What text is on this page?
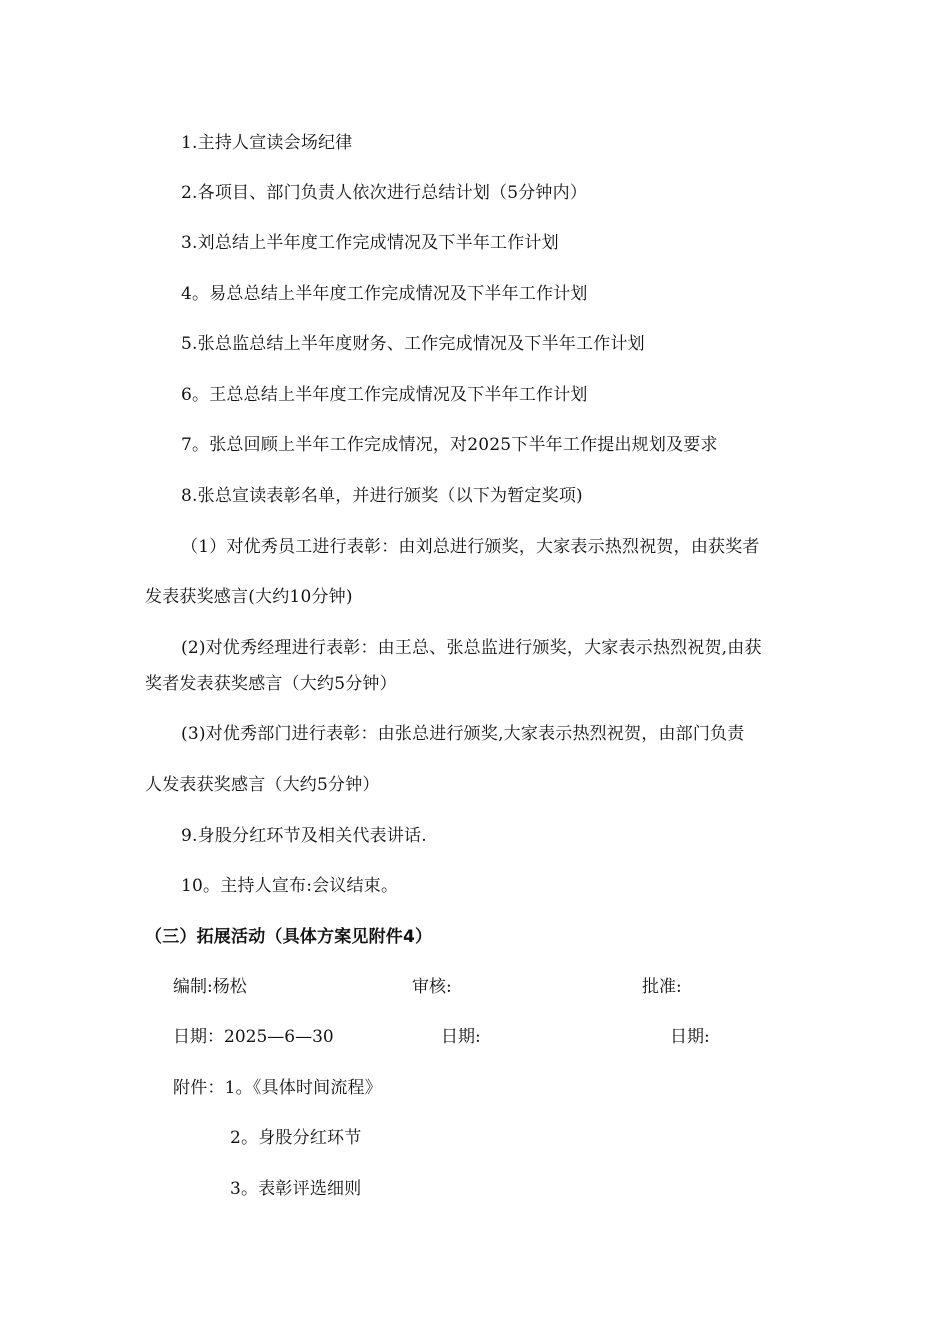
1.主持人宣读会场纪律
2.各项目、部门负责人依次进行总结计划（5分钟内）
3.刘总结上半年度工作完成情况及下半年工作计划
4。易总总结上半年度工作完成情况及下半年工作计划
5.张总监总结上半年度财务、工作完成情况及下半年工作计划
6。王总总结上半年度工作完成情况及下半年工作计划
7。张总回顾上半年工作完成情况，对2025下半年工作提出规划及要求
8.张总宣读表彰名单，并进行颁奖（以下为暂定奖项)
（1）对优秀员工进行表彰：由刘总进行颁奖，大家表示热烈祝贺，由获奖者
发表获奖感言(大约10分钟)
(2)对优秀经理进行表彰：由王总、张总监进行颁奖，大家表示热烈祝贺,由获
奖者发表获奖感言（大约5分钟）
(3)对优秀部门进行表彰：由张总进行颁奖,大家表示热烈祝贺，由部门负责
人发表获奖感言（大约5分钟）
9.身股分红环节及相关代表讲话.
10。主持人宣布:会议结束。
（三）拓展活动（具体方案见附件4）
编制:杨松	审核:	批准:
日期：2025—6—30	日期:	日期:
附件：1。《具体时间流程》
2。身股分红环节
3。表彰评选细则
